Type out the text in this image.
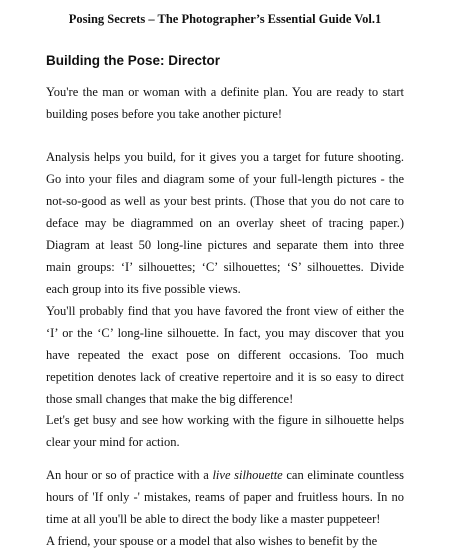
Posing Secrets – The Photographer’s Essential Guide Vol.1

Building the Pose: Director

You're the man or woman with a definite plan. You are ready to start building poses before you take another picture!

Analysis helps you build, for it gives you a target for future shooting. Go into your files and diagram some of your full-length pictures - the not-so-good as well as your best prints. (Those that you do not care to deface may be diagrammed on an overlay sheet of tracing paper.) Diagram at least 50 long-line pictures and separate them into three main groups: ‘I’ silhouettes; ‘C’ silhouettes; ‘S’ silhouettes. Divide each group into its five possible views.

You'll probably find that you have favored the front view of either the ‘I’ or the ‘C’ long-line silhouette. In fact, you may discover that you have repeated the exact pose on different occasions. Too much repetition denotes lack of creative repertoire and it is so easy to direct those small changes that make the big difference!

Let's get busy and see how working with the figure in silhouette helps clear your mind for action.

An hour or so of practice with a live silhouette can eliminate countless hours of 'If only -' mistakes, reams of paper and fruitless hours. In no time at all you'll be able to direct the body like a master puppeteer!

A friend, your spouse or a model that also wishes to benefit by the
